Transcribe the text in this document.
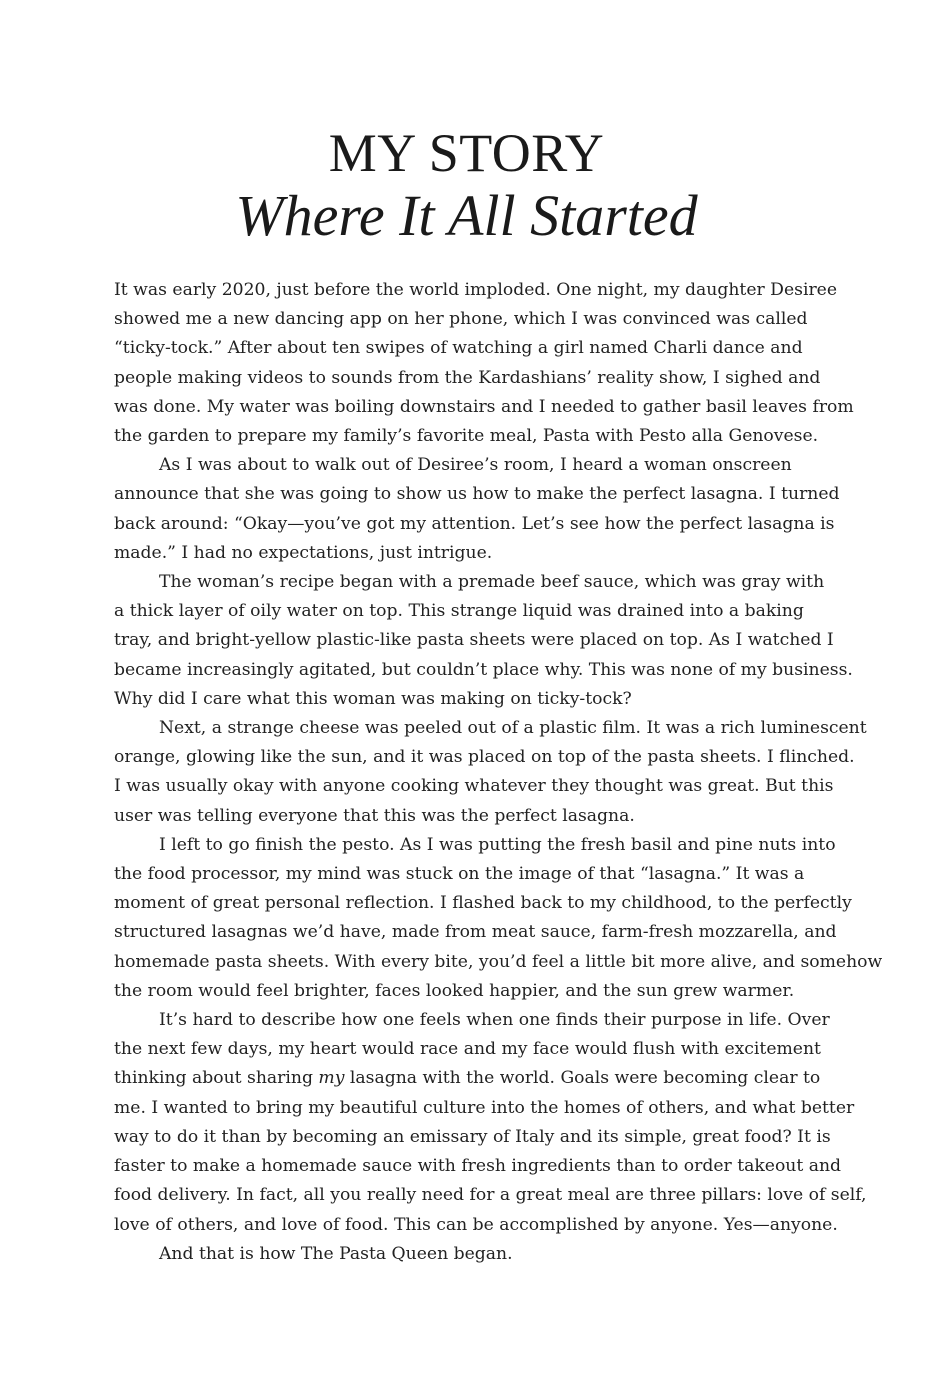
MY STORY
Where It All Started
It was early 2020, just before the world imploded. One night, my daughter Desiree
showed me a new dancing app on her phone, which I was convinced was called
“ticky-tock.” After about ten swipes of watching a girl named Charli dance and
people making videos to sounds from the Kardashians’ reality show, I sighed and
was done. My water was boiling downstairs and I needed to gather basil leaves from
the garden to prepare my family’s favorite meal, Pasta with Pesto alla Genovese.
As I was about to walk out of Desiree’s room, I heard a woman onscreen
announce that she was going to show us how to make the perfect lasagna. I turned
back around: “Okay—you’ve got my attention. Let’s see how the perfect lasagna is
made.” I had no expectations, just intrigue.
The woman’s recipe began with a premade beef sauce, which was gray with
a thick layer of oily water on top. This strange liquid was drained into a baking
tray, and bright-yellow plastic-like pasta sheets were placed on top. As I watched I
became increasingly agitated, but couldn’t place why. This was none of my business.
Why did I care what this woman was making on ticky-tock?
Next, a strange cheese was peeled out of a plastic film. It was a rich luminescent
orange, glowing like the sun, and it was placed on top of the pasta sheets. I flinched.
I was usually okay with anyone cooking whatever they thought was great. But this
user was telling everyone that this was the perfect lasagna.
I left to go finish the pesto. As I was putting the fresh basil and pine nuts into
the food processor, my mind was stuck on the image of that “lasagna.” It was a
moment of great personal reflection. I flashed back to my childhood, to the perfectly
structured lasagnas we’d have, made from meat sauce, farm-fresh mozzarella, and
homemade pasta sheets. With every bite, you’d feel a little bit more alive, and somehow
the room would feel brighter, faces looked happier, and the sun grew warmer.
It’s hard to describe how one feels when one finds their purpose in life. Over
the next few days, my heart would race and my face would flush with excitement
thinking about sharing my lasagna with the world. Goals were becoming clear to
me. I wanted to bring my beautiful culture into the homes of others, and what better
way to do it than by becoming an emissary of Italy and its simple, great food? It is
faster to make a homemade sauce with fresh ingredients than to order takeout and
food delivery. In fact, all you really need for a great meal are three pillars: love of self,
love of others, and love of food. This can be accomplished by anyone. Yes—anyone.
And that is how The Pasta Queen began.
